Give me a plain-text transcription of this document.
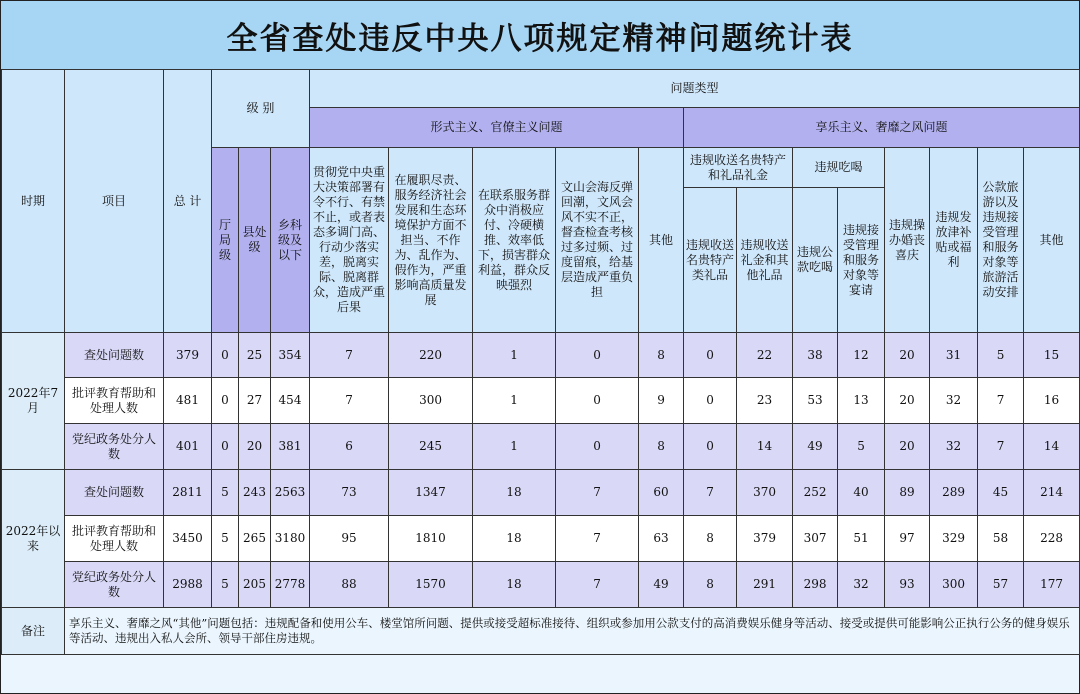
全省查处违反中央八项规定精神问题统计表
时期	项目	总 计	级 别			问题类型												
						形式主义、官僚主义问题					享乐主义、奢靡之风问题							
			厅局级	县处级	乡科级及以下	贯彻党中央重大决策部署有令不行、有禁不止，或者表态多调门高、行动少落实差，脱离实际、脱离群众，造成严重后果	在履职尽责、服务经济社会发展和生态环境保护方面不担当、不作为、乱作为、假作为，严重影响高质量发展	在联系服务群众中消极应付、冷硬横推、效率低下，损害群众利益，群众反映强烈	文山会海反弹回潮，文风会风不实不正，督查检查考核过多过频、过度留痕，给基层造成严重负担	其他	违规收送名贵特产和礼品礼金		违规吃喝		违规操办婚丧喜庆	违规发放津补贴或福利	公款旅游以及违规接受管理和服务对象等旅游活动安排	其他
											违规收送名贵特产类礼品	违规收送礼金和其他礼品	违规公款吃喝	违规接受管理和服务对象等宴请				

2022年7月	查处问题数	379	0	25	354	7	220	1	0	8	0	22	38	12	20	31	5	15
	批评教育帮助和处理人数	481	0	27	454	7	300	1	0	9	0	23	53	13	20	32	7	16
	党纪政务处分人数	401	0	20	381	6	245	1	0	8	0	14	49	5	20	32	7	14
2022年以来	查处问题数	2811	5	243	2563	73	1347	18	7	60	7	370	252	40	89	289	45	214
	批评教育帮助和处理人数	3450	5	265	3180	95	1810	18	7	63	8	379	307	51	97	329	58	228
	党纪政务处分人数	2988	5	205	2778	88	1570	18	7	49	8	291	298	32	93	300	57	177
备注	享乐主义、奢靡之风“其他”问题包括：违规配备和使用公车、楼堂馆所问题、提供或接受超标准接待、组织或参加用公款支付的高消费娱乐健身等活动、接受或提供可能影响公正执行公务的健身娱乐等活动、违规出入私人会所、领导干部住房违规。																	
